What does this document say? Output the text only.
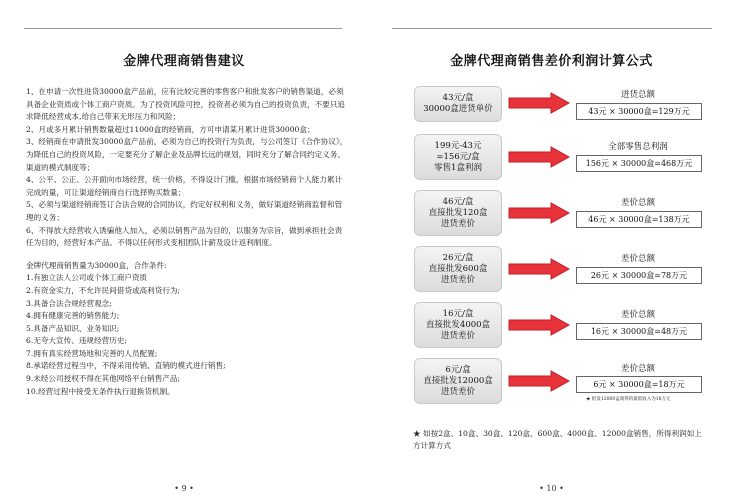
金牌代理商销售建议

1、在申请一次性进货30000盒产品前，应有比较完善的零售客户和批发客户的销售渠道，必须具备企业资质或个体工商户资质。为了投资风险可控，投资者必须为自己的投资负责，不要只追求降低经营成本,给自己带来无形压力和风险；

2、月或多月累计销售数量超过11000盒的经销商，方可申请某月累计进货30000盒；

3、经销商在申请批发30000盒产品前，必须为自己的投资行为负责，与公司签订《合作协议》，为降低自己的投资风险，一定要充分了解企业及品牌长远的规划，同时充分了解合同约定义务、渠道的模式制度等；

4、公平、公正、公开面向市场经营，统一价格，不得设计门槛，根据市场经销商个人能力累计完成的量，可让渠道经销商自行选择购买数量；

5、必须与渠道经销商签订合法合规的合同协议，约定好权利和义务，做好渠道经销商监督和管理的义务；

6、不得放大经营收入诱骗他人加入，必须以销售产品为目的，以服务为宗旨，做到承担社会责任为目的，经营好本产品。不得以任何形式变相团队计薪及设计返利制度。

金牌代理商销售量为30000盒，合作条件:

1.有独立法人公司或个体工商户资质

2.有资金实力，不允许民间借贷或高利贷行为;

3.具备合法合规经营观念;

4.拥有健康完善的销售能力;

5.具备产品知识、业务知识;

6.无夸大宣传、违规经营历史;

7.拥有真实经营场地和完善的人员配置;

8.承诺经营过程当中，不得采用传销、直销的模式进行销售;

9.未经公司授权不得在其他网络平台销售产品;

10.经营过程中接受无条件执行退换货机制。

• 9 •
金牌代理商销售差价利润计算公式
43元/盒
30000盒进货单价
进货总额
43元 × 30000盒=129万元
199元-43元
=156元/盒
零售1盒利润
全部零售总利润
156元 × 30000盒=468万元
46元/盒
直接批发120盒
进货差价
差价总额
46元 × 30000盒=138万元
26元/盒
直接批发600盒
进货差价
差价总额
26元 × 30000盒=78万元
16元/盒
直接批发4000盒
进货差价
差价总额
16元 × 30000盒=48万元
6元/盒
直接批发12000盒
进货差价
差价总额
6元 × 30000盒=18万元
★ 批发12000盒商得的最低收入为18万元
• 10 •
★ 如按2盒、10盒、30盒、120盒、600盒、4000盒、12000盒销售，所得利润如上方计算方式
